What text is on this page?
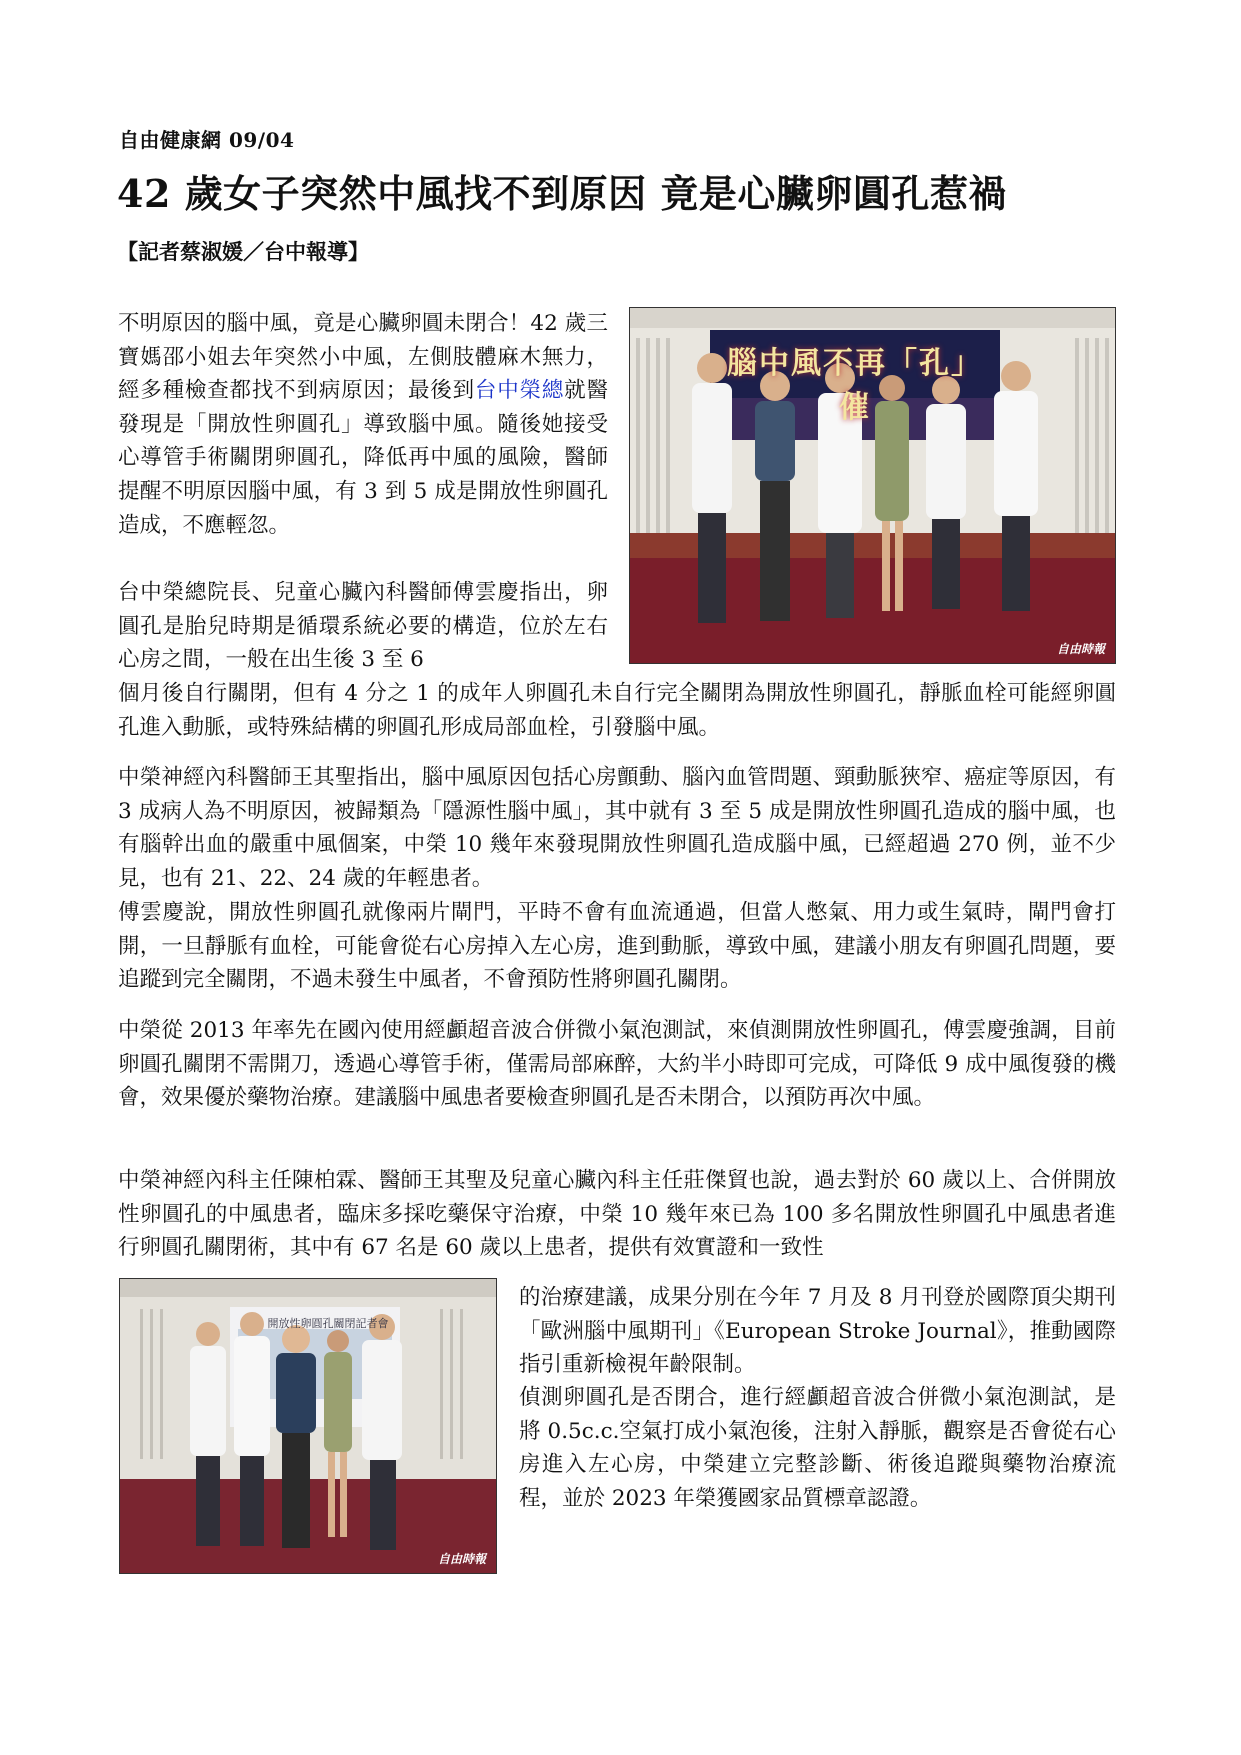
自由健康網 09/04
42 歲女子突然中風找不到原因 竟是心臟卵圓孔惹禍
【記者蔡淑媛／台中報導】
腦中風不再「孔」催
自由時報

不明原因的腦中風，竟是心臟卵圓未閉合！42 歲三寶媽邵小姐去年突然小中風，左側肢體麻木無力，經多種檢查都找不到病原因；最後到台中榮總就醫發現是「開放性卵圓孔」導致腦中風。隨後她接受心導管手術關閉卵圓孔，降低再中風的風險，醫師提醒不明原因腦中風，有 3 到 5 成是開放性卵圓孔造成，不應輕忽。

台中榮總院長、兒童心臟內科醫師傅雲慶指出，卵圓孔是胎兒時期是循環系統必要的構造，位於左右心房之間，一般在出生後 3 至 6

個月後自行關閉，但有 4 分之 1 的成年人卵圓孔未自行完全關閉為開放性卵圓孔，靜脈血栓可能經卵圓孔進入動脈，或特殊結構的卵圓孔形成局部血栓，引發腦中風。

中榮神經內科醫師王其聖指出，腦中風原因包括心房顫動、腦內血管問題、頸動脈狹窄、癌症等原因，有 3 成病人為不明原因，被歸類為「隱源性腦中風」，其中就有 3 至 5 成是開放性卵圓孔造成的腦中風，也有腦幹出血的嚴重中風個案，中榮 10 幾年來發現開放性卵圓孔造成腦中風，已經超過 270 例，並不少見，也有 21、22、24 歲的年輕患者。

傅雲慶說，開放性卵圓孔就像兩片閘門，平時不會有血流通過，但當人憋氣、用力或生氣時，閘門會打開，一旦靜脈有血栓，可能會從右心房掉入左心房，進到動脈，導致中風，建議小朋友有卵圓孔問題，要追蹤到完全關閉，不過未發生中風者，不會預防性將卵圓孔關閉。

中榮從 2013 年率先在國內使用經顱超音波合併微小氣泡測試，來偵測開放性卵圓孔，傅雲慶強調，目前卵圓孔關閉不需開刀，透過心導管手術，僅需局部麻醉，大約半小時即可完成，可降低 9 成中風復發的機會，效果優於藥物治療。建議腦中風患者要檢查卵圓孔是否未閉合，以預防再次中風。

中榮神經內科主任陳柏霖、醫師王其聖及兒童心臟內科主任莊傑貿也說，過去對於 60 歲以上、合併開放性卵圓孔的中風患者，臨床多採吃藥保守治療，中榮 10 幾年來已為 100 多名開放性卵圓孔中風患者進行卵圓孔關閉術，其中有 67 名是 60 歲以上患者，提供有效實證和一致性

開放性卵圓孔關閉記者會
自由時報

的治療建議，成果分別在今年 7 月及 8 月刊登於國際頂尖期刊「歐洲腦中風期刊」《European Stroke Journal》，推動國際指引重新檢視年齡限制。

偵測卵圓孔是否閉合，進行經顱超音波合併微小氣泡測試，是將 0.5c.c.空氣打成小氣泡後，注射入靜脈，觀察是否會從右心房進入左心房，中榮建立完整診斷、術後追蹤與藥物治療流程，並於 2023 年榮獲國家品質標章認證。
